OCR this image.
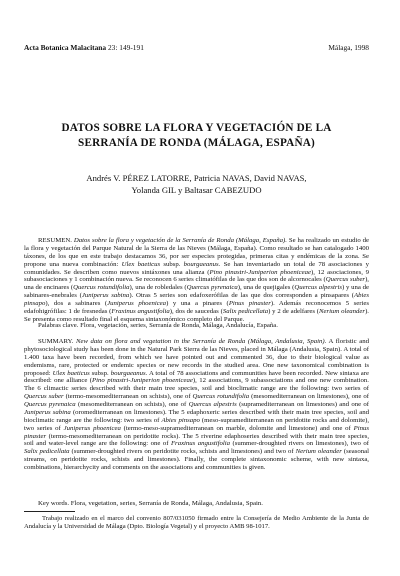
Acta Botanica Malacitana 23: 149-191	Málaga, 1998
DATOS SOBRE LA FLORA Y VEGETACIÓN DE LA
SERRANÍA DE RONDA (MÁLAGA, ESPAÑA)
Andrés V. PÉREZ LATORRE, Patricia NAVAS, David NAVAS,
Yolanda GIL y Baltasar CABEZUDO
RESUMEN. Datos sobre la flora y vegetación de la Serranía de Ronda (Málaga, España). Se ha realizado un estudio de la flora y vegetación del Parque Natural de la Sierra de las Nieves (Málaga, España). Como resultado se han catalogado 1400 táxones, de los que en este trabajo destacamos 36, por ser especies protegidas, primeras citas y endémicas de la zona. Se propone una nueva combinación: Ulex baeticus subsp. bourgaeanus. Se han inventariado un total de 78 asociaciones y comunidades. Se describen como nuevos sintáxones una alianza (Pino pinastri-Juniperion phoeniceae), 12 asociaciones, 9 subasociaciones y 1 combinación nueva. Se reconocen 6 series climatófilas de las que dos son de alcornocales (Quercus suber), una de encinares (Quercus rotundifolia), una de robledales (Quercus pyrenaica), una de quejigales (Quercus alpestris) y una de sabinares-enebrales (Juniperus sabina). Otras 5 series son edafoxerófilas de las que dos corresponden a pinsapares (Abies pinsapo), dos a sabinares (Juniperus phoenicea) y una a pinares (Pinus pinaster). Además reconocemos 5 series edafohigrófilas: 1 de fresnedas (Fraxinus angustifolia), dos de saucedas (Salix pedicellata) y 2 de adelfares (Nerium oleander). Se presenta como resultado final el esquema sintaxonómico completo del Parque.
Palabras clave. Flora, vegetación, series, Serranía de Ronda, Málaga, Andalucía, España.
SUMMARY. New data on flora and vegetation in the Serranía de Ronda (Málaga, Andalusia, Spain). A floristic and phytosociological study has been done in the Natural Park Sierra de las Nieves, placed in Málaga (Andalusia, Spain). A total of 1.400 taxa have been recorded, from which we have pointed out and commented 36, due to their biological value as endemisms, rare, protected or endemic species or new records in the studied area. One new taxonomical combination is proposed: Ulex baeticus subsp. bourgaeanus. A total of 78 associations and communities have been recorded. New sintaxa are described: one alliance (Pino pinastri-Juniperion phoeniceae), 12 associations, 9 subassociations and one new combination. The 6 climactic series described with their main tree species, soil and bioclimatic range are the following: two series of Quercus suber (termo-mesomediterranean on schists), one of Quercus rotundifolia (mesomediterranean on limestones), one of Quercus pyrenaica (mesomediterranean on schists), one of Quercus alpestris (supramediterranean on limestones) and one of Juniperus sabina (oromediterranean on limestones). The 5 edaphoxeric series described with their main tree species, soil and bioclimatic range are the following: two series of Abies pinsapo (meso-supramediterranean on peridotite rocks and dolomite), two series of Juniperus phoenicea (termo-meso-supramediterranean on marble, dolomite and limestone) and one of Pinus pinaster (termo-mesomediterranean on peridotite rocks). The 5 riverine edaphoseries described with their main tree species, soil and water-level range are the following: one of Fraxinus angustifolia (summer-droughted rivers on limestones), two of Salix pedicellata (summer-droughted rivers on peridotite rocks, schists and limestones) and two of Nerium oleander (seasonal streams, on peridotite rocks, schists and limestones). Finally, the complete sintaxonomic scheme, with new sintaxa, combinations, hierarchycity and comments on the associations and communities is given.
Key words. Flora, vegetation, series, Serranía de Ronda, Málaga, Andalusia, Spain.
Trabajo realizado en el marco del convenio 807/031050 firmado entre la Consejería de Medio Ambiente de la Junta de Andalucía y la Universidad de Málaga (Dpto. Biología Vegetal) y el proyecto AMB 98-1017.
